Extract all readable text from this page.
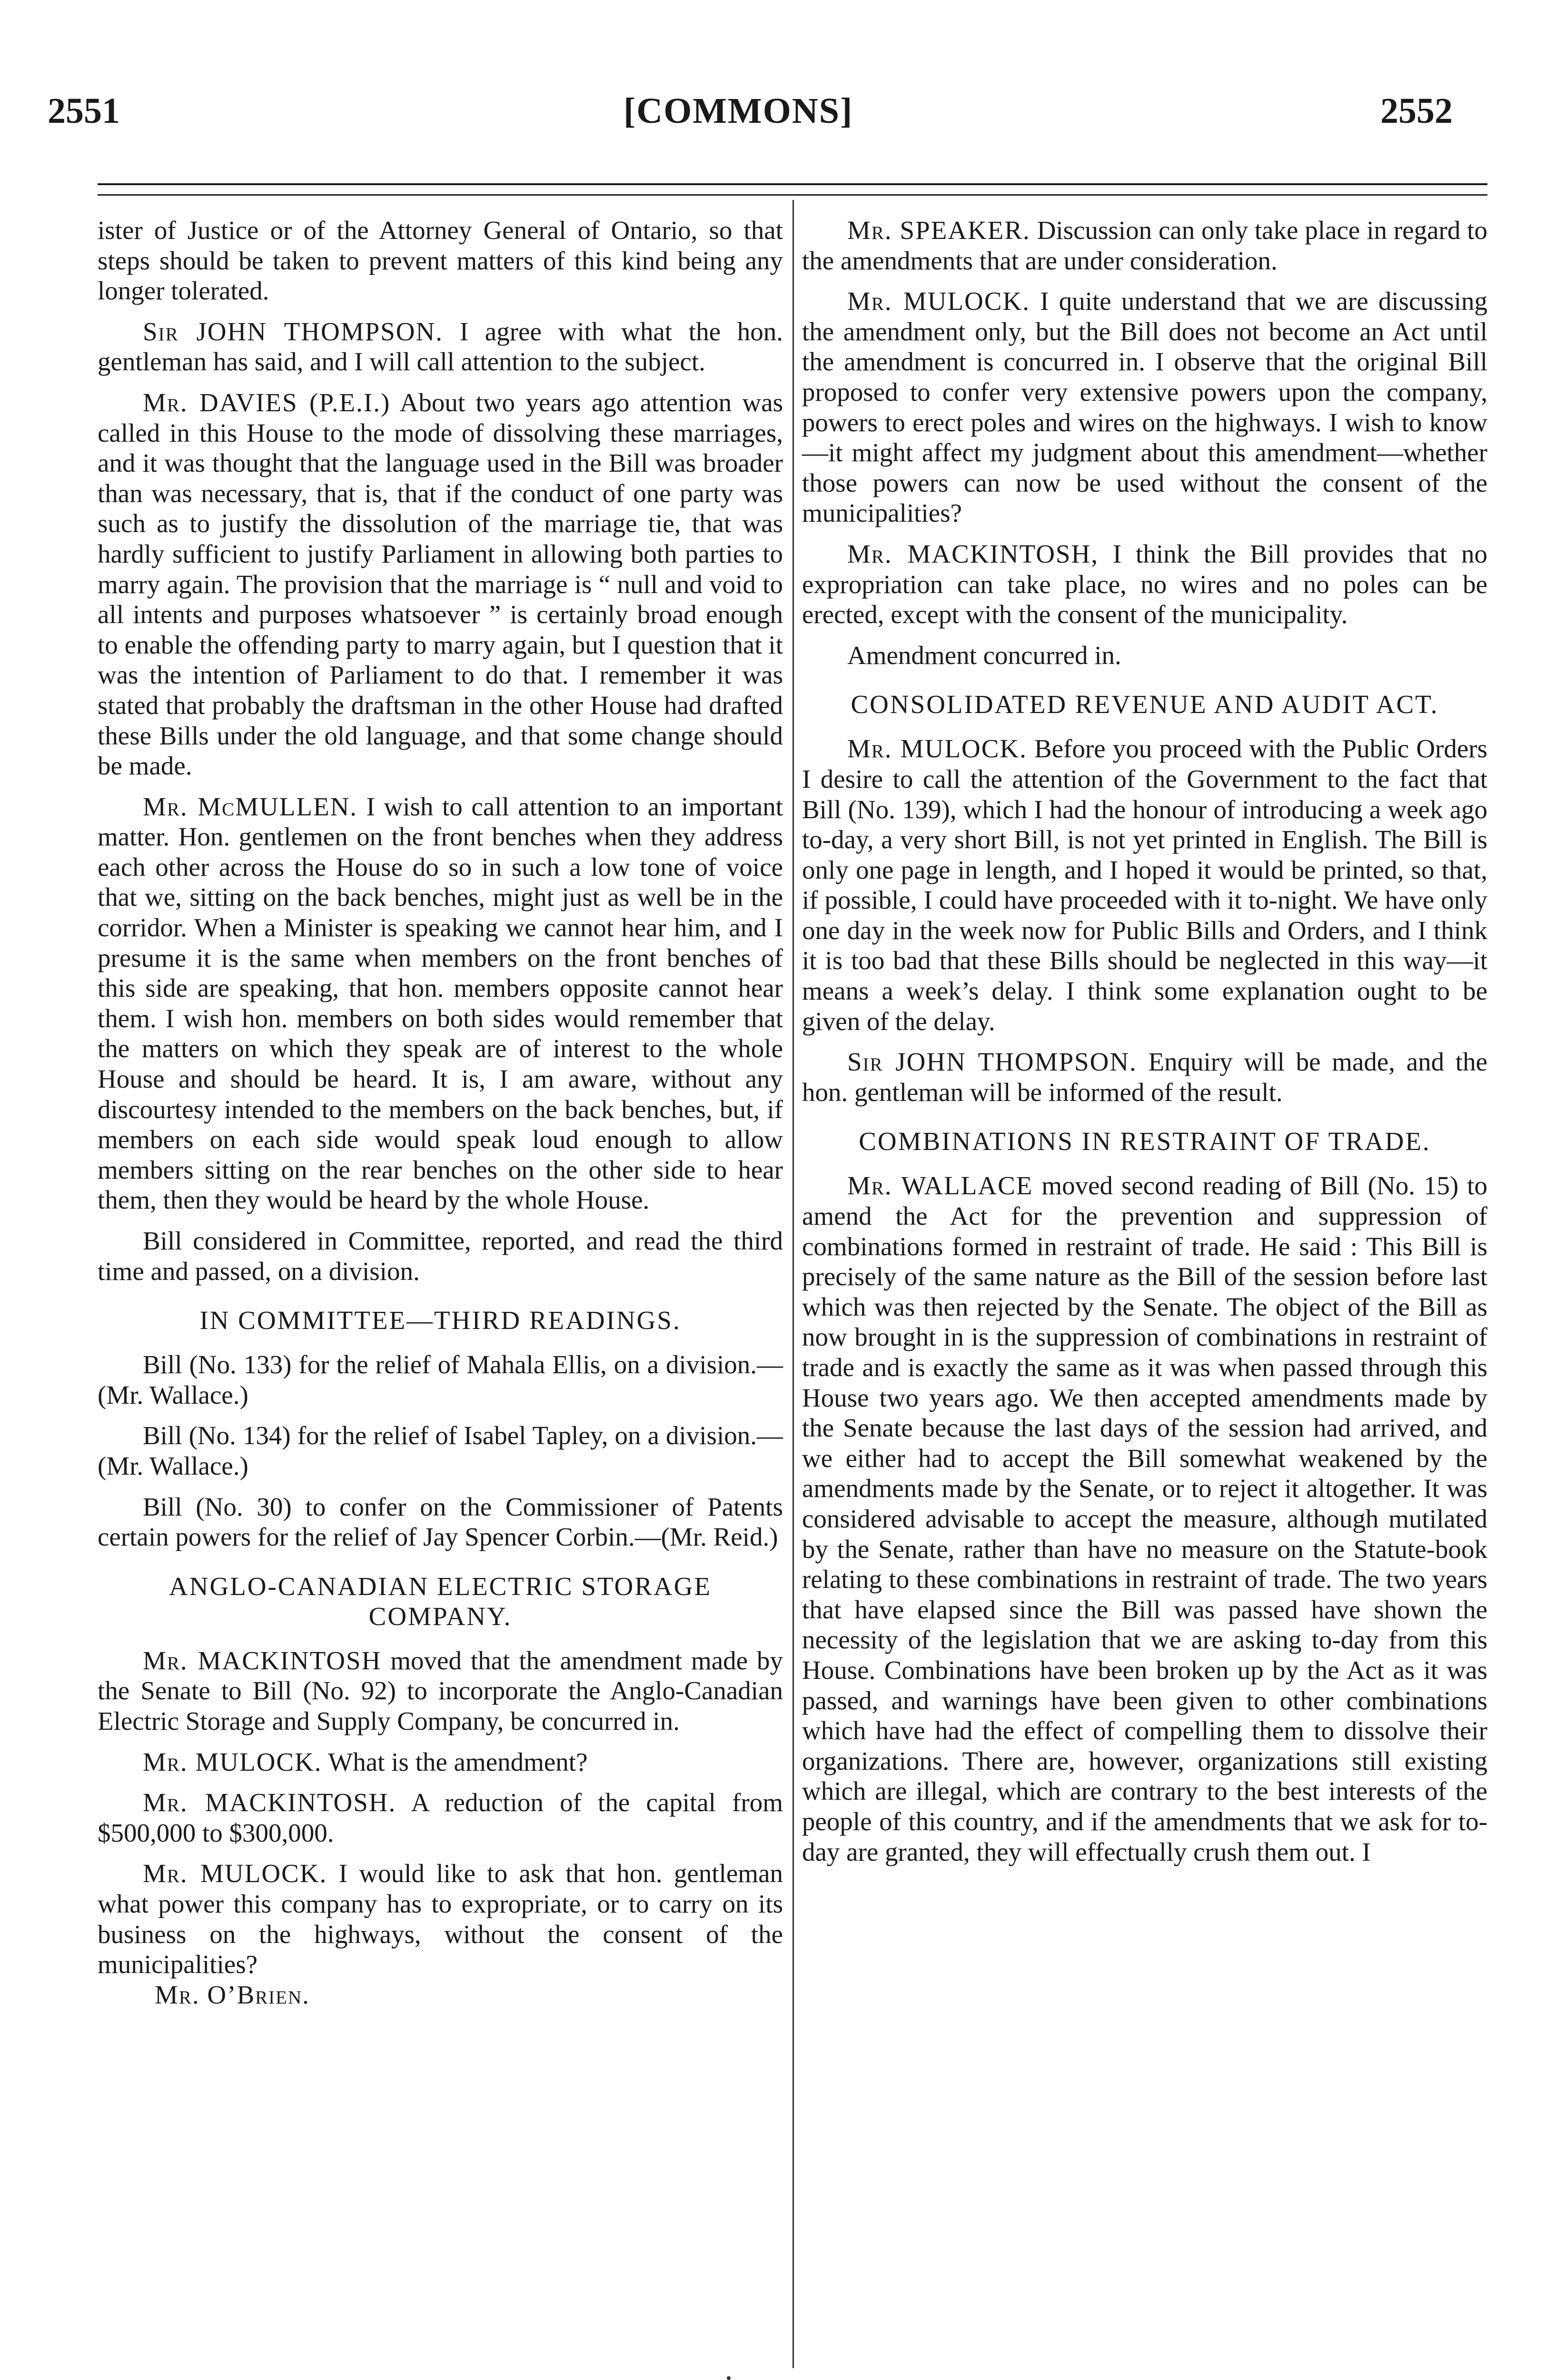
2551	[COMMONS]	2552

ister of Justice or of the Attorney General of Ontario, so that steps should be taken to prevent matters of this kind being any longer tolerated.

Sir JOHN THOMPSON. I agree with what the hon. gentleman has said, and I will call attention to the subject.

Mr. DAVIES (P.E.I.) About two years ago attention was called in this House to the mode of dissolving these marriages, and it was thought that the language used in the Bill was broader than was necessary, that is, that if the conduct of one party was such as to justify the dissolution of the marriage tie, that was hardly sufficient to justify Parliament in allowing both parties to marry again. The provision that the marriage is “ null and void to all intents and purposes whatsoever ” is certainly broad enough to enable the offending party to marry again, but I question that it was the intention of Parliament to do that. I remember it was stated that probably the draftsman in the other House had drafted these Bills under the old language, and that some change should be made.

Mr. McMULLEN. I wish to call attention to an important matter. Hon. gentlemen on the front benches when they address each other across the House do so in such a low tone of voice that we, sitting on the back benches, might just as well be in the corridor. When a Minister is speaking we cannot hear him, and I presume it is the same when members on the front benches of this side are speaking, that hon. members opposite cannot hear them. I wish hon. members on both sides would remember that the matters on which they speak are of interest to the whole House and should be heard. It is, I am aware, without any discourtesy intended to the members on the back benches, but, if members on each side would speak loud enough to allow members sitting on the rear benches on the other side to hear them, then they would be heard by the whole House.

Bill considered in Committee, reported, and read the third time and passed, on a division.

IN COMMITTEE—THIRD READINGS.

Bill (No. 133) for the relief of Mahala Ellis, on a division.—(Mr. Wallace.)

Bill (No. 134) for the relief of Isabel Tapley, on a division.—(Mr. Wallace.)

Bill (No. 30) to confer on the Commissioner of Patents certain powers for the relief of Jay Spencer Corbin.—(Mr. Reid.)

ANGLO-CANADIAN ELECTRIC STORAGE COMPANY.

Mr. MACKINTOSH moved that the amendment made by the Senate to Bill (No. 92) to incorporate the Anglo-Canadian Electric Storage and Supply Company, be concurred in.

Mr. MULOCK. What is the amendment?

Mr. MACKINTOSH. A reduction of the capital from $500,000 to $300,000.

Mr. MULOCK. I would like to ask that hon. gentleman what power this company has to expropriate, or to carry on its business on the highways, without the consent of the municipalities?

Mr. O’Brien.

Mr. SPEAKER. Discussion can only take place in regard to the amendments that are under consideration.

Mr. MULOCK. I quite understand that we are discussing the amendment only, but the Bill does not become an Act until the amendment is concurred in. I observe that the original Bill proposed to confer very extensive powers upon the company, powers to erect poles and wires on the highways. I wish to know—it might affect my judgment about this amendment—whether those powers can now be used without the consent of the municipalities?

Mr. MACKINTOSH, I think the Bill provides that no expropriation can take place, no wires and no poles can be erected, except with the consent of the municipality.

Amendment concurred in.

CONSOLIDATED REVENUE AND AUDIT ACT.

Mr. MULOCK. Before you proceed with the Public Orders I desire to call the attention of the Government to the fact that Bill (No. 139), which I had the honour of introducing a week ago to-day, a very short Bill, is not yet printed in English. The Bill is only one page in length, and I hoped it would be printed, so that, if possible, I could have proceeded with it to-night. We have only one day in the week now for Public Bills and Orders, and I think it is too bad that these Bills should be neglected in this way—it means a week’s delay. I think some explanation ought to be given of the delay.

Sir JOHN THOMPSON. Enquiry will be made, and the hon. gentleman will be informed of the result.

COMBINATIONS IN RESTRAINT OF TRADE.

Mr. WALLACE moved second reading of Bill (No. 15) to amend the Act for the prevention and suppression of combinations formed in restraint of trade. He said : This Bill is precisely of the same nature as the Bill of the session before last which was then rejected by the Senate. The object of the Bill as now brought in is the suppression of combinations in restraint of trade and is exactly the same as it was when passed through this House two years ago. We then accepted amendments made by the Senate because the last days of the session had arrived, and we either had to accept the Bill somewhat weakened by the amendments made by the Senate, or to reject it altogether. It was considered advisable to accept the measure, although mutilated by the Senate, rather than have no measure on the Statute-book relating to these combinations in restraint of trade. The two years that have elapsed since the Bill was passed have shown the necessity of the legislation that we are asking to-day from this House. Combinations have been broken up by the Act as it was passed, and warnings have been given to other combinations which have had the effect of compelling them to dissolve their organizations. There are, however, organizations still existing which are illegal, which are contrary to the best interests of the people of this country, and if the amendments that we ask for to-day are granted, they will effectually crush them out. I
